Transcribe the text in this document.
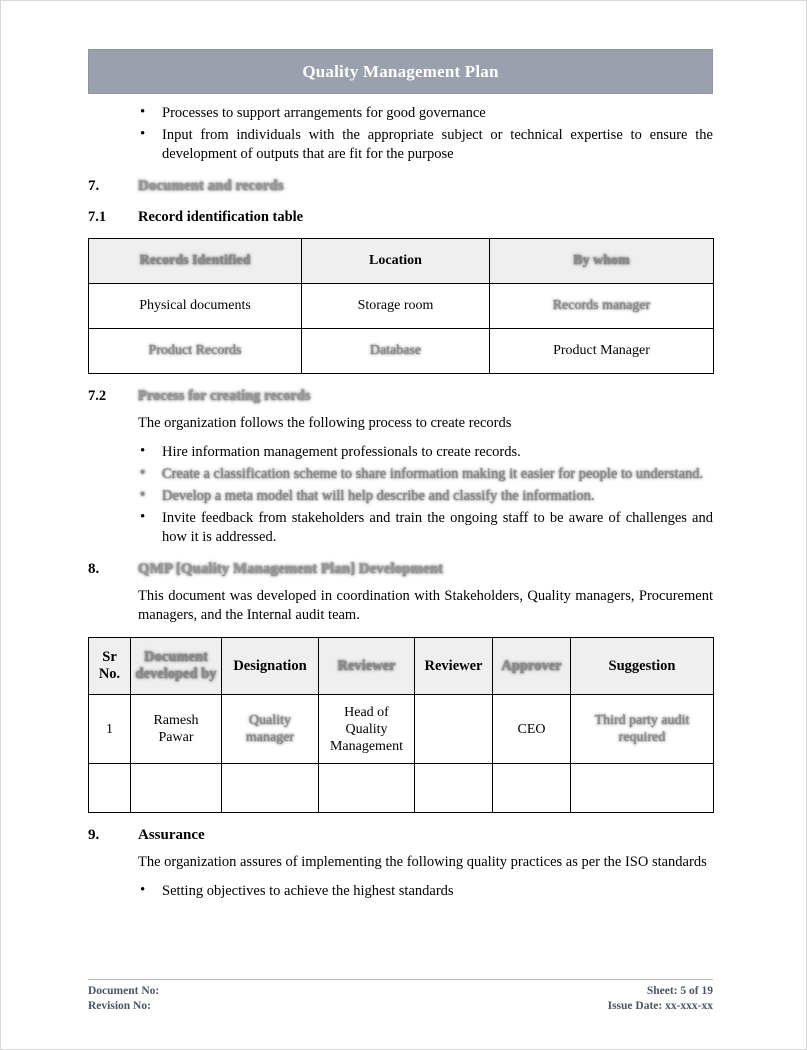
Quality Management Plan
• Processes to support arrangements for good governance
• Input from individuals with the appropriate subject or technical expertise to ensure the development of outputs that are fit for the purpose
7.	Document and records
7.1	Record identification table
Records Identified	Location	By whom
Physical documents	Storage room	Records manager
Product Records	Database	Product Manager
7.2	Process for creating records
The organization follows the following process to create records
• Hire information management professionals to create records.
• Create a classification scheme to share information making it easier for people to understand.
• Develop a meta model that will help describe and classify the information.
• Invite feedback from stakeholders and train the ongoing staff to be aware of challenges and how it is addressed.
8.	QMP [Quality Management Plan] Development
This document was developed in coordination with Stakeholders, Quality managers, Procurement managers, and the Internal audit team.
Sr No.	Document developed by	Designation	Reviewer	Reviewer	Approver	Suggestion
1	Ramesh Pawar	Quality manager	Head of Quality Management		CEO	Third party audit required

9.	Assurance
The organization assures of implementing the following quality practices as per the ISO standards
• Setting objectives to achieve the highest standards
Document No:	Sheet: 5 of 19
Revision No:	Issue Date: xx-xxx-xx
